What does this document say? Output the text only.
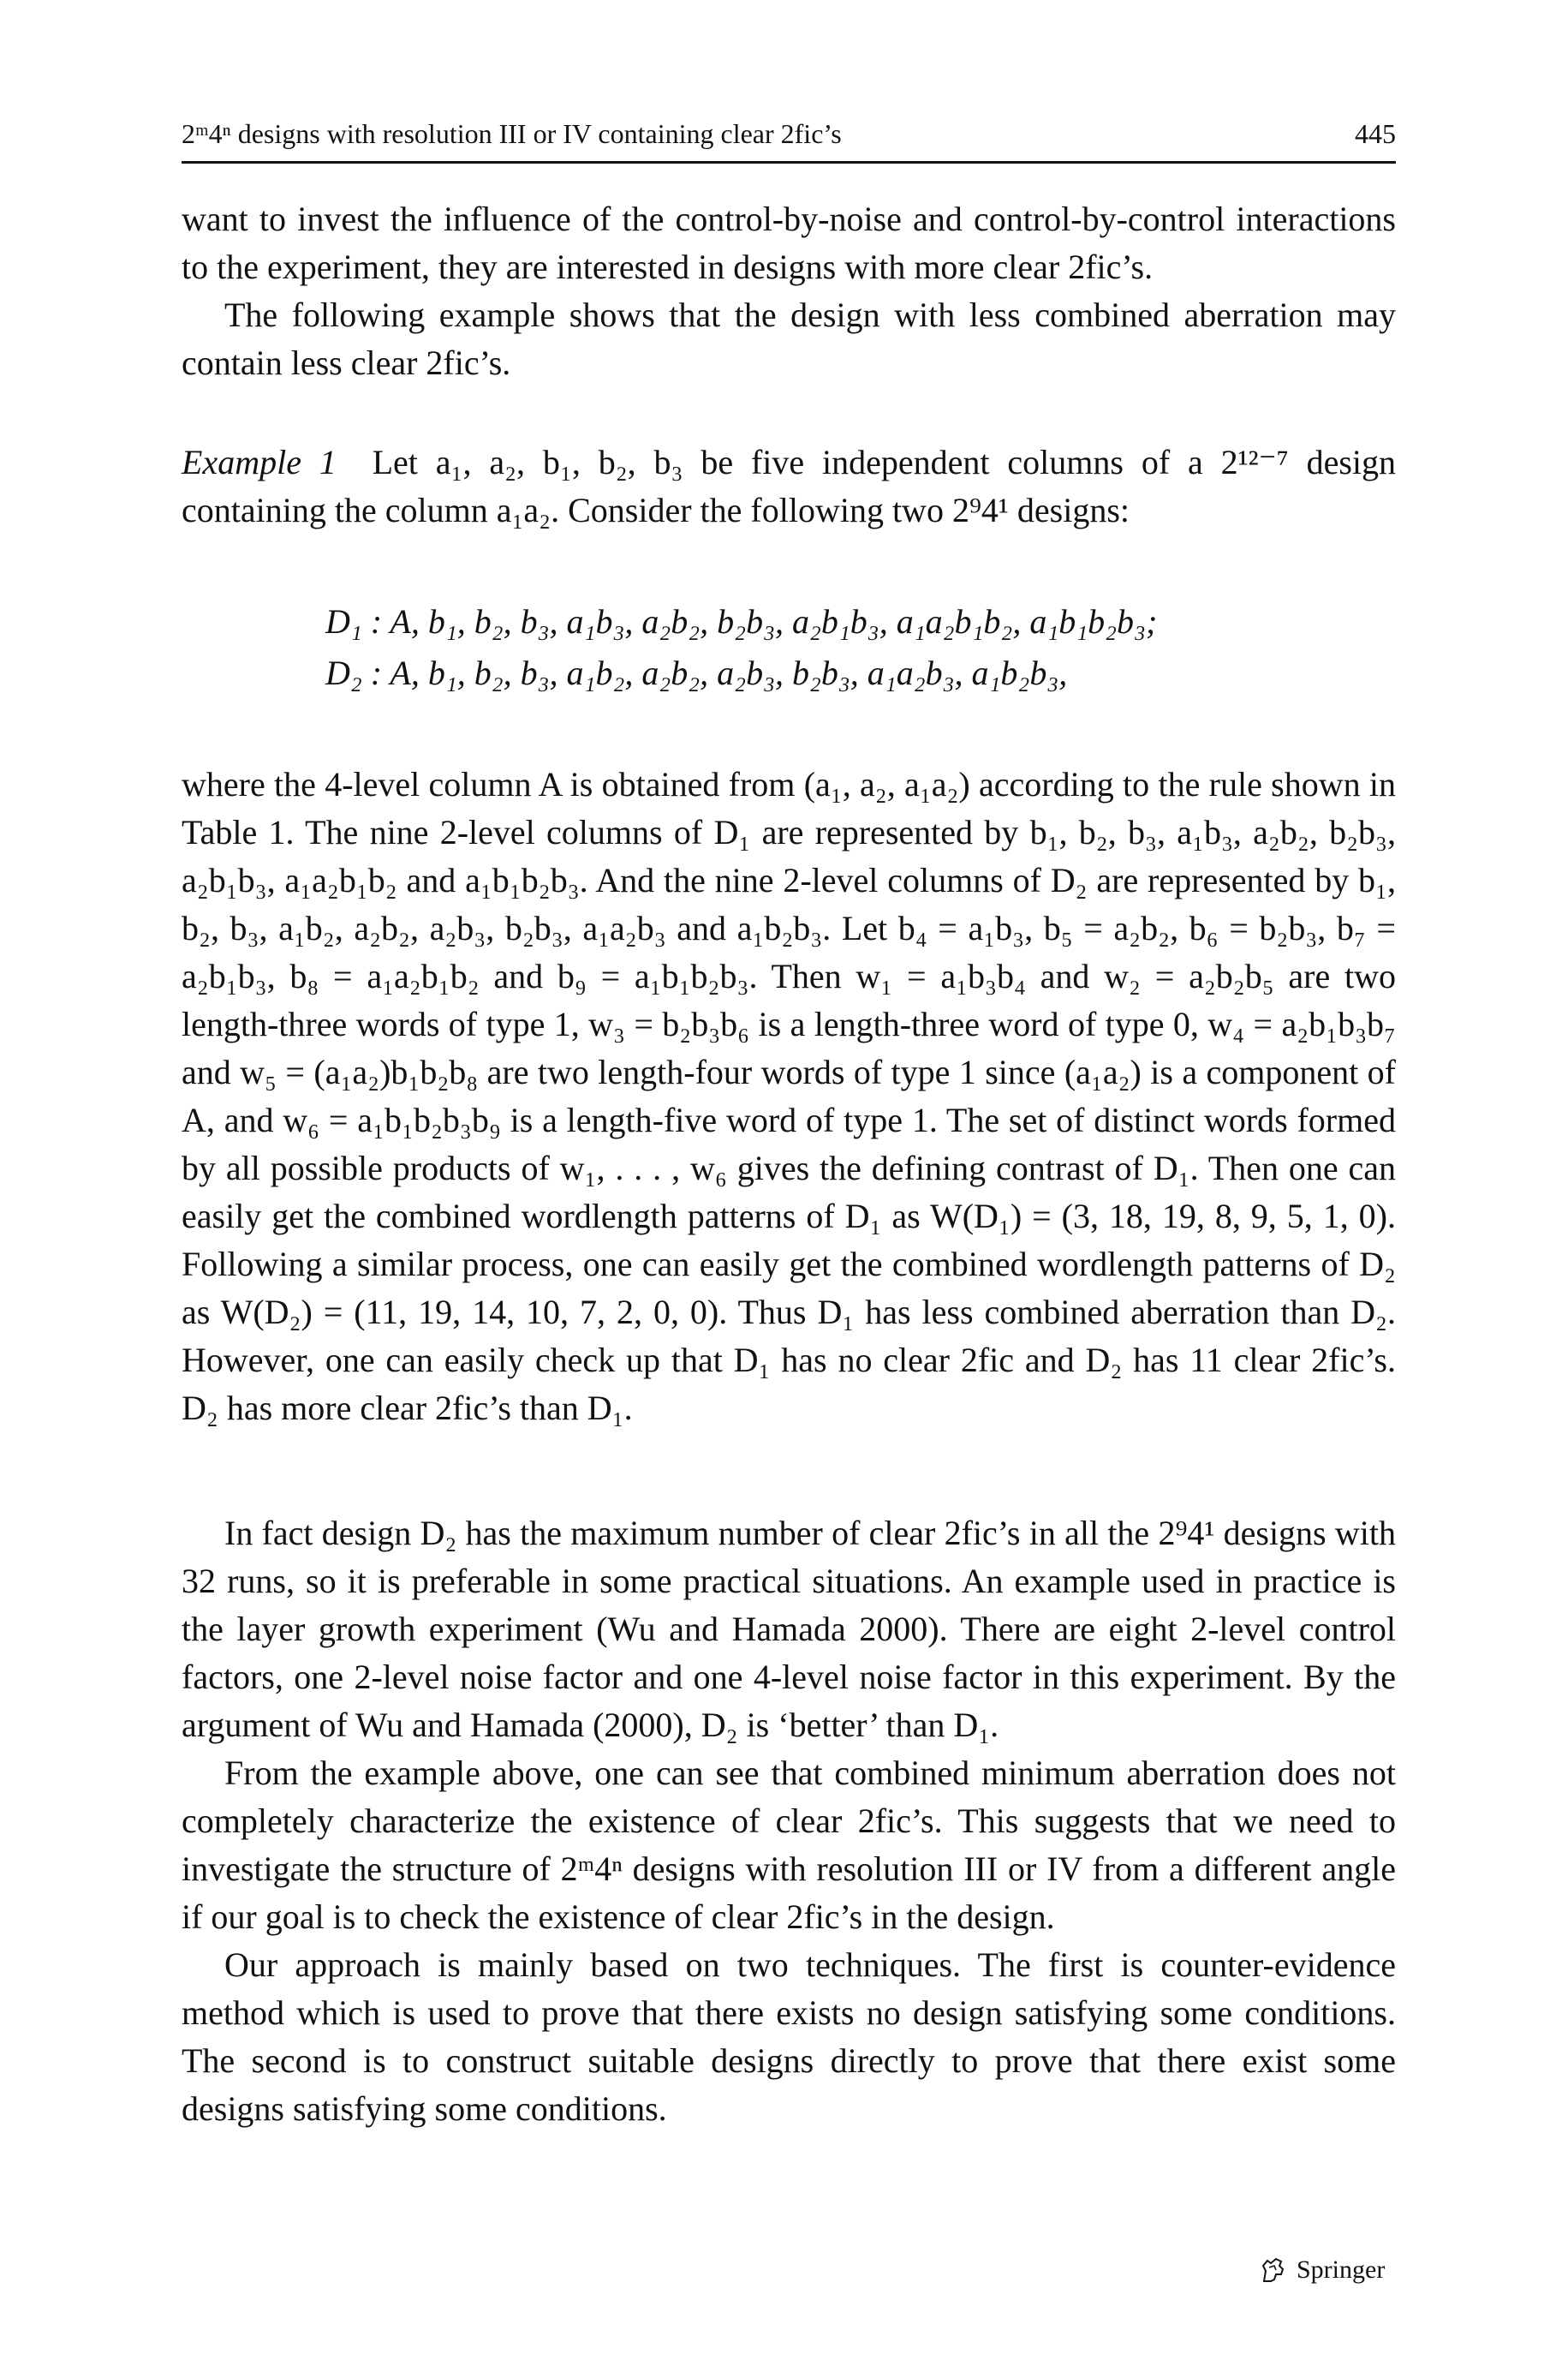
2ᵐ4ⁿ designs with resolution III or IV containing clear 2fic’s	445

want to invest the influence of the control-by-noise and control-by-control interactions to the experiment, they are interested in designs with more clear 2fic’s.

The following example shows that the design with less combined aberration may contain less clear 2fic’s.

Example 1 Let a₁, a₂, b₁, b₂, b₃ be five independent columns of a 2¹²⁻⁷ design containing the column a₁a₂. Consider the following two 2⁹4¹ designs:

D₁ : A, b₁, b₂, b₃, a₁b₃, a₂b₂, b₂b₃, a₂b₁b₃, a₁a₂b₁b₂, a₁b₁b₂b₃;
D₂ : A, b₁, b₂, b₃, a₁b₂, a₂b₂, a₂b₃, b₂b₃, a₁a₂b₃, a₁b₂b₃,

where the 4-level column A is obtained from (a₁, a₂, a₁a₂) according to the rule shown in Table 1. The nine 2-level columns of D₁ are represented by b₁, b₂, b₃, a₁b₃, a₂b₂, b₂b₃, a₂b₁b₃, a₁a₂b₁b₂ and a₁b₁b₂b₃. And the nine 2-level columns of D₂ are represented by b₁, b₂, b₃, a₁b₂, a₂b₂, a₂b₃, b₂b₃, a₁a₂b₃ and a₁b₂b₃. Let b₄ = a₁b₃, b₅ = a₂b₂, b₆ = b₂b₃, b₇ = a₂b₁b₃, b₈ = a₁a₂b₁b₂ and b₉ = a₁b₁b₂b₃. Then w₁ = a₁b₃b₄ and w₂ = a₂b₂b₅ are two length-three words of type 1, w₃ = b₂b₃b₆ is a length-three word of type 0, w₄ = a₂b₁b₃b₇ and w₅ = (a₁a₂)b₁b₂b₈ are two length-four words of type 1 since (a₁a₂) is a component of A, and w₆ = a₁b₁b₂b₃b₉ is a length-five word of type 1. The set of distinct words formed by all possible products of w₁, . . . , w₆ gives the defining contrast of D₁. Then one can easily get the combined wordlength patterns of D₁ as W(D₁) = (3, 18, 19, 8, 9, 5, 1, 0). Following a similar process, one can easily get the combined wordlength patterns of D₂ as W(D₂) = (11, 19, 14, 10, 7, 2, 0, 0). Thus D₁ has less combined aberration than D₂. However, one can easily check up that D₁ has no clear 2fic and D₂ has 11 clear 2fic’s. D₂ has more clear 2fic’s than D₁.

In fact design D₂ has the maximum number of clear 2fic’s in all the 2⁹4¹ designs with 32 runs, so it is preferable in some practical situations. An example used in practice is the layer growth experiment (Wu and Hamada 2000). There are eight 2-level control factors, one 2-level noise factor and one 4-level noise factor in this experiment. By the argument of Wu and Hamada (2000), D₂ is ‘better’ than D₁.

From the example above, one can see that combined minimum aberration does not completely characterize the existence of clear 2fic’s. This suggests that we need to investigate the structure of 2ᵐ4ⁿ designs with resolution III or IV from a different angle if our goal is to check the existence of clear 2fic’s in the design.

Our approach is mainly based on two techniques. The first is counter-evidence method which is used to prove that there exists no design satisfying some conditions. The second is to construct suitable designs directly to prove that there exist some designs satisfying some conditions.

Springer
